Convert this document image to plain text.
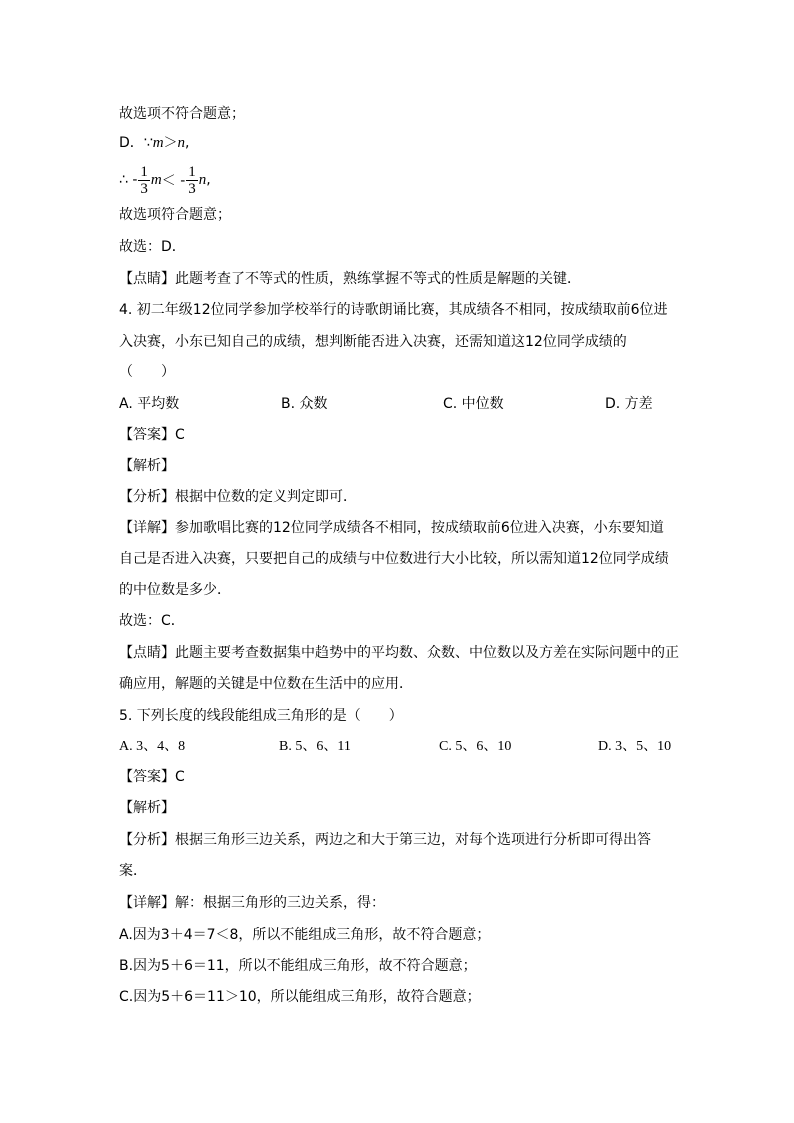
故选项不符合题意；
D．∵m＞n,
∴ - $\frac{1}{3}$ m ＜ - $\frac{1}{3}$ n ,
故选项符合题意；
故选：D．
【点睛】此题考查了不等式的性质，熟练掌握不等式的性质是解题的关键．
4. 初二年级12位同学参加学校举行的诗歌朗诵比赛，其成绩各不相同，按成绩取前6位进
入决赛，小东已知自己的成绩，想判断能否进入决赛，还需知道这12位同学成绩的
（　　）
A. 平均数	B. 众数	C. 中位数	D. 方差
【答案】C
【解析】
【分析】根据中位数的定义判定即可．
【详解】参加歌唱比赛的12位同学成绩各不相同，按成绩取前6位进入决赛，小东要知道
自己是否进入决赛，只要把自己的成绩与中位数进行大小比较，所以需知道12位同学成绩
的中位数是多少．
故选：C．
【点睛】此题主要考查数据集中趋势中的平均数、众数、中位数以及方差在实际问题中的正
确应用，解题的关键是中位数在生活中的应用．
5. 下列长度的线段能组成三角形的是（　　）
A. 3、4、8	B. 5、6、11	C. 5、6、10	D. 3、5、10
【答案】C
【解析】
【分析】根据三角形三边关系，两边之和大于第三边，对每个选项进行分析即可得出答
案．
【详解】解：根据三角形的三边关系，得：
A.因为3＋4＝7＜8，所以不能组成三角形，故不符合题意；
B.因为5＋6＝11，所以不能组成三角形，故不符合题意；
C.因为5＋6＝11＞10，所以能组成三角形，故符合题意；
